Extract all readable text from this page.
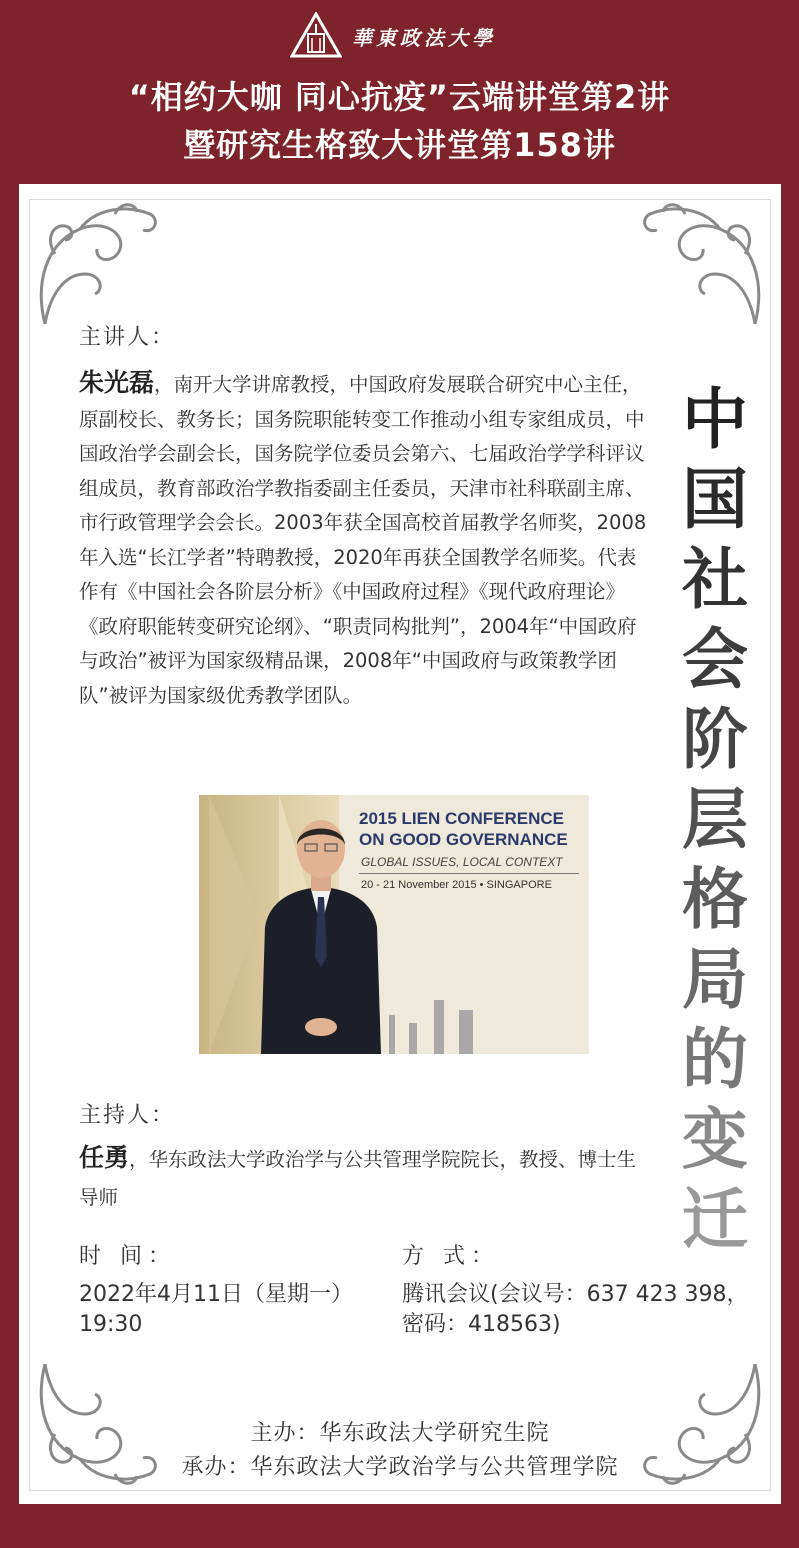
華東政法大學
“相约大咖 同心抗疫”云端讲堂第2讲
暨研究生格致大讲堂第158讲
主讲人：
朱光磊，南开大学讲席教授，中国政府发展联合研究中心主任，原副校长、教务长；国务院职能转变工作推动小组专家组成员，中国政治学会副会长，国务院学位委员会第六、七届政治学学科评议组成员，教育部政治学教指委副主任委员，天津市社科联副主席、市行政管理学会会长。2003年获全国高校首届教学名师奖，2008年入选“长江学者”特聘教授，2020年再获全国教学名师奖。代表作有《中国社会各阶层分析》《中国政府过程》《现代政府理论》《政府职能转变研究论纲》、“职责同构批判”，2004年“中国政府与政治”被评为国家级精品课，2008年“中国政府与政策教学团队”被评为国家级优秀教学团队。
中
国
社
会
阶
层
格
局
的
变
迁
2015 LIEN CONFERENCE
ON GOOD GOVERNANCE
GLOBAL ISSUES, LOCAL CONTEXT
20 - 21 November 2015 • SINGAPORE
主持人：
任勇，华东政法大学政治学与公共管理学院院长，教授、博士生导师
时 间：
2022年4月11日（星期一）
19:30
方 式：
腾讯会议(会议号：637 423 398，
密码：418563)
主办：华东政法大学研究生院
承办：华东政法大学政治学与公共管理学院
